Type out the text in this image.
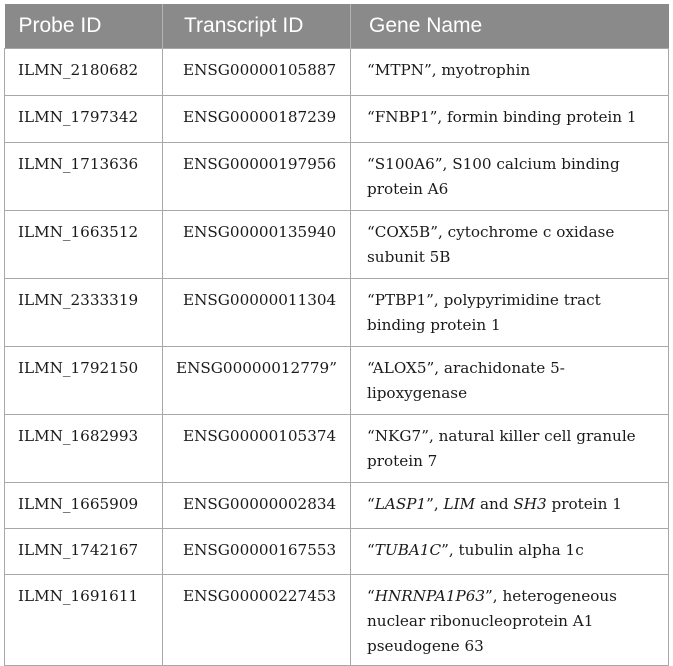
Probe ID	Transcript ID	Gene Name

ILMN_2180682	ENSG00000105887	“MTPN”, myotrophin

ILMN_1797342	ENSG00000187239	“FNBP1”, formin binding protein 1

ILMN_1713636	ENSG00000197956	“S100A6”, S100 calcium binding protein A6

ILMN_1663512	ENSG00000135940	“COX5B”, cytochrome c oxidase subunit 5B

ILMN_2333319	ENSG00000011304	“PTBP1”, polypyrimidine tract binding protein 1

ILMN_1792150	ENSG00000012779”	“ALOX5”, arachidonate 5-lipoxygenase

ILMN_1682993	ENSG00000105374	“NKG7”, natural killer cell granule protein 7

ILMN_1665909	ENSG00000002834	“LASP1”, LIM and SH3 protein 1

ILMN_1742167	ENSG00000167553	“TUBA1C”, tubulin alpha 1c

ILMN_1691611	ENSG00000227453	“HNRNPA1P63”, heterogeneous nuclear ribonucleoprotein A1 pseudogene 63
